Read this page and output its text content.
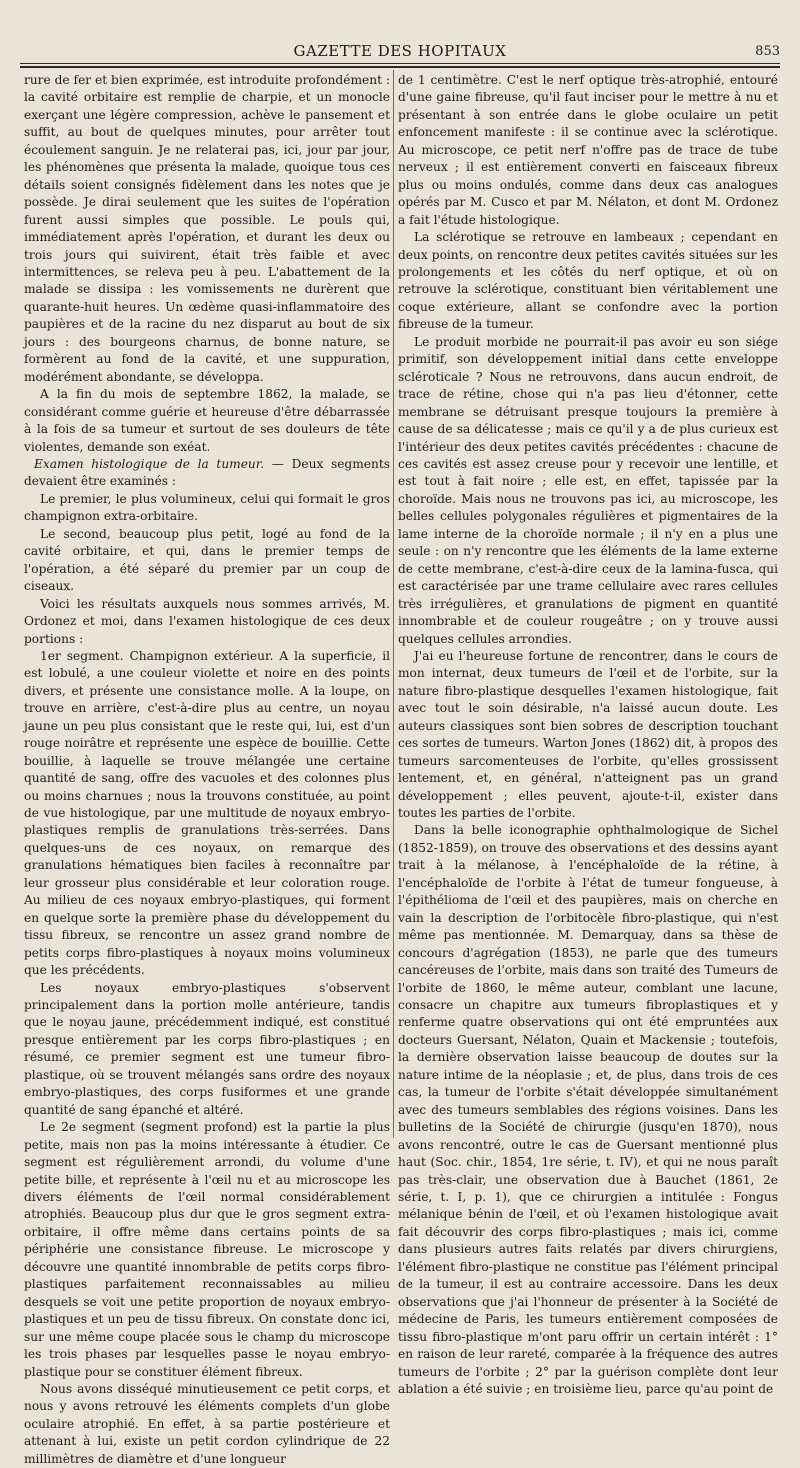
GAZETTE DES HOPITAUX	853

rure de fer et bien exprimée, est introduite profondément : la cavité orbitaire est remplie de charpie, et un monocle exerçant une légère compression, achève le pansement et suffit, au bout de quelques minutes, pour arrêter tout écoulement sanguin. Je ne relaterai pas, ici, jour par jour, les phénomènes que présenta la malade, quoique tous ces détails soient consignés fidèlement dans les notes que je possède. Je dirai seulement que les suites de l'opération furent aussi simples que possible. Le pouls qui, immédiatement après l'opération, et durant les deux ou trois jours qui suivirent, était très faible et avec intermittences, se releva peu à peu. L'abattement de la malade se dissipa : les vomissements ne durèrent que quarante-huit heures. Un œdème quasi-inflammatoire des paupières et de la racine du nez disparut au bout de six jours : des bourgeons charnus, de bonne nature, se formèrent au fond de la cavité, et une suppuration, modérément abondante, se développa.

A la fin du mois de septembre 1862, la malade, se considérant comme guérie et heureuse d'être débarrassée à la fois de sa tumeur et surtout de ses douleurs de tête violentes, demande son exéat.

Examen histologique de la tumeur. — Deux segments devaient être examinés :

Le premier, le plus volumineux, celui qui formait le gros champignon extra-orbitaire.

Le second, beaucoup plus petit, logé au fond de la cavité orbitaire, et qui, dans le premier temps de l'opération, a été séparé du premier par un coup de ciseaux.

Voici les résultats auxquels nous sommes arrivés, M. Ordonez et moi, dans l'examen histologique de ces deux portions :

1er segment. Champignon extérieur. A la superficie, il est lobulé, a une couleur violette et noire en des points divers, et présente une consistance molle. A la loupe, on trouve en arrière, c'est-à-dire plus au centre, un noyau jaune un peu plus consistant que le reste qui, lui, est d'un rouge noirâtre et représente une espèce de bouillie. Cette bouillie, à laquelle se trouve mélangée une certaine quantité de sang, offre des vacuoles et des colonnes plus ou moins charnues ; nous la trouvons constituée, au point de vue histologique, par une multitude de noyaux embryo-plastiques remplis de granulations très-serrées. Dans quelques-uns de ces noyaux, on remarque des granulations hématiques bien faciles à reconnaître par leur grosseur plus considérable et leur coloration rouge. Au milieu de ces noyaux embryo-plastiques, qui forment en quelque sorte la première phase du développement du tissu fibreux, se rencontre un assez grand nombre de petits corps fibro-plastiques à noyaux moins volumineux que les précédents.

Les noyaux embryo-plastiques s'observent principalement dans la portion molle antérieure, tandis que le noyau jaune, précédemment indiqué, est constitué presque entièrement par les corps fibro-plastiques ; en résumé, ce premier segment est une tumeur fibro-plastique, où se trouvent mélangés sans ordre des noyaux embryo-plastiques, des corps fusiformes et une grande quantité de sang épanché et altéré.

Le 2e segment (segment profond) est la partie la plus petite, mais non pas la moins intéressante à étudier. Ce segment est régulièrement arrondi, du volume d'une petite bille, et représente à l'œil nu et au microscope les divers éléments de l'œil normal considérablement atrophiés. Beaucoup plus dur que le gros segment extra-orbitaire, il offre même dans certains points de sa périphérie une consistance fibreuse. Le microscope y découvre une quantité innombrable de petits corps fibro-plastiques parfaitement reconnaissables au milieu desquels se voit une petite proportion de noyaux embryo-plastiques et un peu de tissu fibreux. On constate donc ici, sur une même coupe placée sous le champ du microscope les trois phases par lesquelles passe le noyau embryo-plastique pour se constituer élément fibreux.

Nous avons disséqué minutieusement ce petit corps, et nous y avons retrouvé les éléments complets d'un globe oculaire atrophié. En effet, à sa partie postérieure et attenant à lui, existe un petit cordon cylindrique de 22 millimètres de diamètre et d'une longueur

de 1 centimètre. C'est le nerf optique très-atrophié, entouré d'une gaine fibreuse, qu'il faut inciser pour le mettre à nu et présentant à son entrée dans le globe oculaire un petit enfoncement manifeste : il se continue avec la sclérotique. Au microscope, ce petit nerf n'offre pas de trace de tube nerveux ; il est entièrement converti en faisceaux fibreux plus ou moins ondulés, comme dans deux cas analogues opérés par M. Cusco et par M. Nélaton, et dont M. Ordonez a fait l'étude histologique.

La sclérotique se retrouve en lambeaux ; cependant en deux points, on rencontre deux petites cavités situées sur les prolongements et les côtés du nerf optique, et où on retrouve la sclérotique, constituant bien véritablement une coque extérieure, allant se confondre avec la portion fibreuse de la tumeur.

Le produit morbide ne pourrait-il pas avoir eu son siége primitif, son développement initial dans cette enveloppe scléroticale ? Nous ne retrouvons, dans aucun endroit, de trace de rétine, chose qui n'a pas lieu d'étonner, cette membrane se détruisant presque toujours la première à cause de sa délicatesse ; mais ce qu'il y a de plus curieux est l'intérieur des deux petites cavités précédentes : chacune de ces cavités est assez creuse pour y recevoir une lentille, et est tout à fait noire ; elle est, en effet, tapissée par la choroïde. Mais nous ne trouvons pas ici, au microscope, les belles cellules polygonales régulières et pigmentaires de la lame interne de la choroïde normale ; il n'y en a plus une seule : on n'y rencontre que les éléments de la lame externe de cette membrane, c'est-à-dire ceux de la lamina-fusca, qui est caractérisée par une trame cellulaire avec rares cellules très irrégulières, et granulations de pigment en quantité innombrable et de couleur rougeâtre ; on y trouve aussi quelques cellules arrondies.

J'ai eu l'heureuse fortune de rencontrer, dans le cours de mon internat, deux tumeurs de l'œil et de l'orbite, sur la nature fibro-plastique desquelles l'examen histologique, fait avec tout le soin désirable, n'a laissé aucun doute. Les auteurs classiques sont bien sobres de description touchant ces sortes de tumeurs. Warton Jones (1862) dit, à propos des tumeurs sarcomenteuses de l'orbite, qu'elles grossissent lentement, et, en général, n'atteignent pas un grand développement ; elles peuvent, ajoute-t-il, exister dans toutes les parties de l'orbite.

Dans la belle iconographie ophthalmologique de Sichel (1852-1859), on trouve des observations et des dessins ayant trait à la mélanose, à l'encéphaloïde de la rétine, à l'encéphaloïde de l'orbite à l'état de tumeur fongueuse, à l'épithélioma de l'œil et des paupières, mais on cherche en vain la description de l'orbitocèle fibro-plastique, qui n'est même pas mentionnée. M. Demarquay, dans sa thèse de concours d'agrégation (1853), ne parle que des tumeurs cancéreuses de l'orbite, mais dans son traité des Tumeurs de l'orbite de 1860, le même auteur, comblant une lacune, consacre un chapitre aux tumeurs fibroplastiques et y renferme quatre observations qui ont été empruntées aux docteurs Guersant, Nélaton, Quain et Mackensie ; toutefois, la dernière observation laisse beaucoup de doutes sur la nature intime de la néoplasie ; et, de plus, dans trois de ces cas, la tumeur de l'orbite s'était développée simultanément avec des tumeurs semblables des régions voisines. Dans les bulletins de la Société de chirurgie (jusqu'en 1870), nous avons rencontré, outre le cas de Guersant mentionné plus haut (Soc. chir., 1854, 1re série, t. IV), et qui ne nous paraît pas très-clair, une observation due à Bauchet (1861, 2e série, t. I, p. 1), que ce chirurgien a intitulée : Fongus mélanique bénin de l'œil, et où l'examen histologique avait fait découvrir des corps fibro-plastiques ; mais ici, comme dans plusieurs autres faits relatés par divers chirurgiens, l'élément fibro-plastique ne constitue pas l'élément principal de la tumeur, il est au contraire accessoire. Dans les deux observations que j'ai l'honneur de présenter à la Société de médecine de Paris, les tumeurs entièrement composées de tissu fibro-plastique m'ont paru offrir un certain intérêt : 1° en raison de leur rareté, comparée à la fréquence des autres tumeurs de l'orbite ; 2° par la guérison complète dont leur ablation a été suivie ; en troisième lieu, parce qu'au point de
